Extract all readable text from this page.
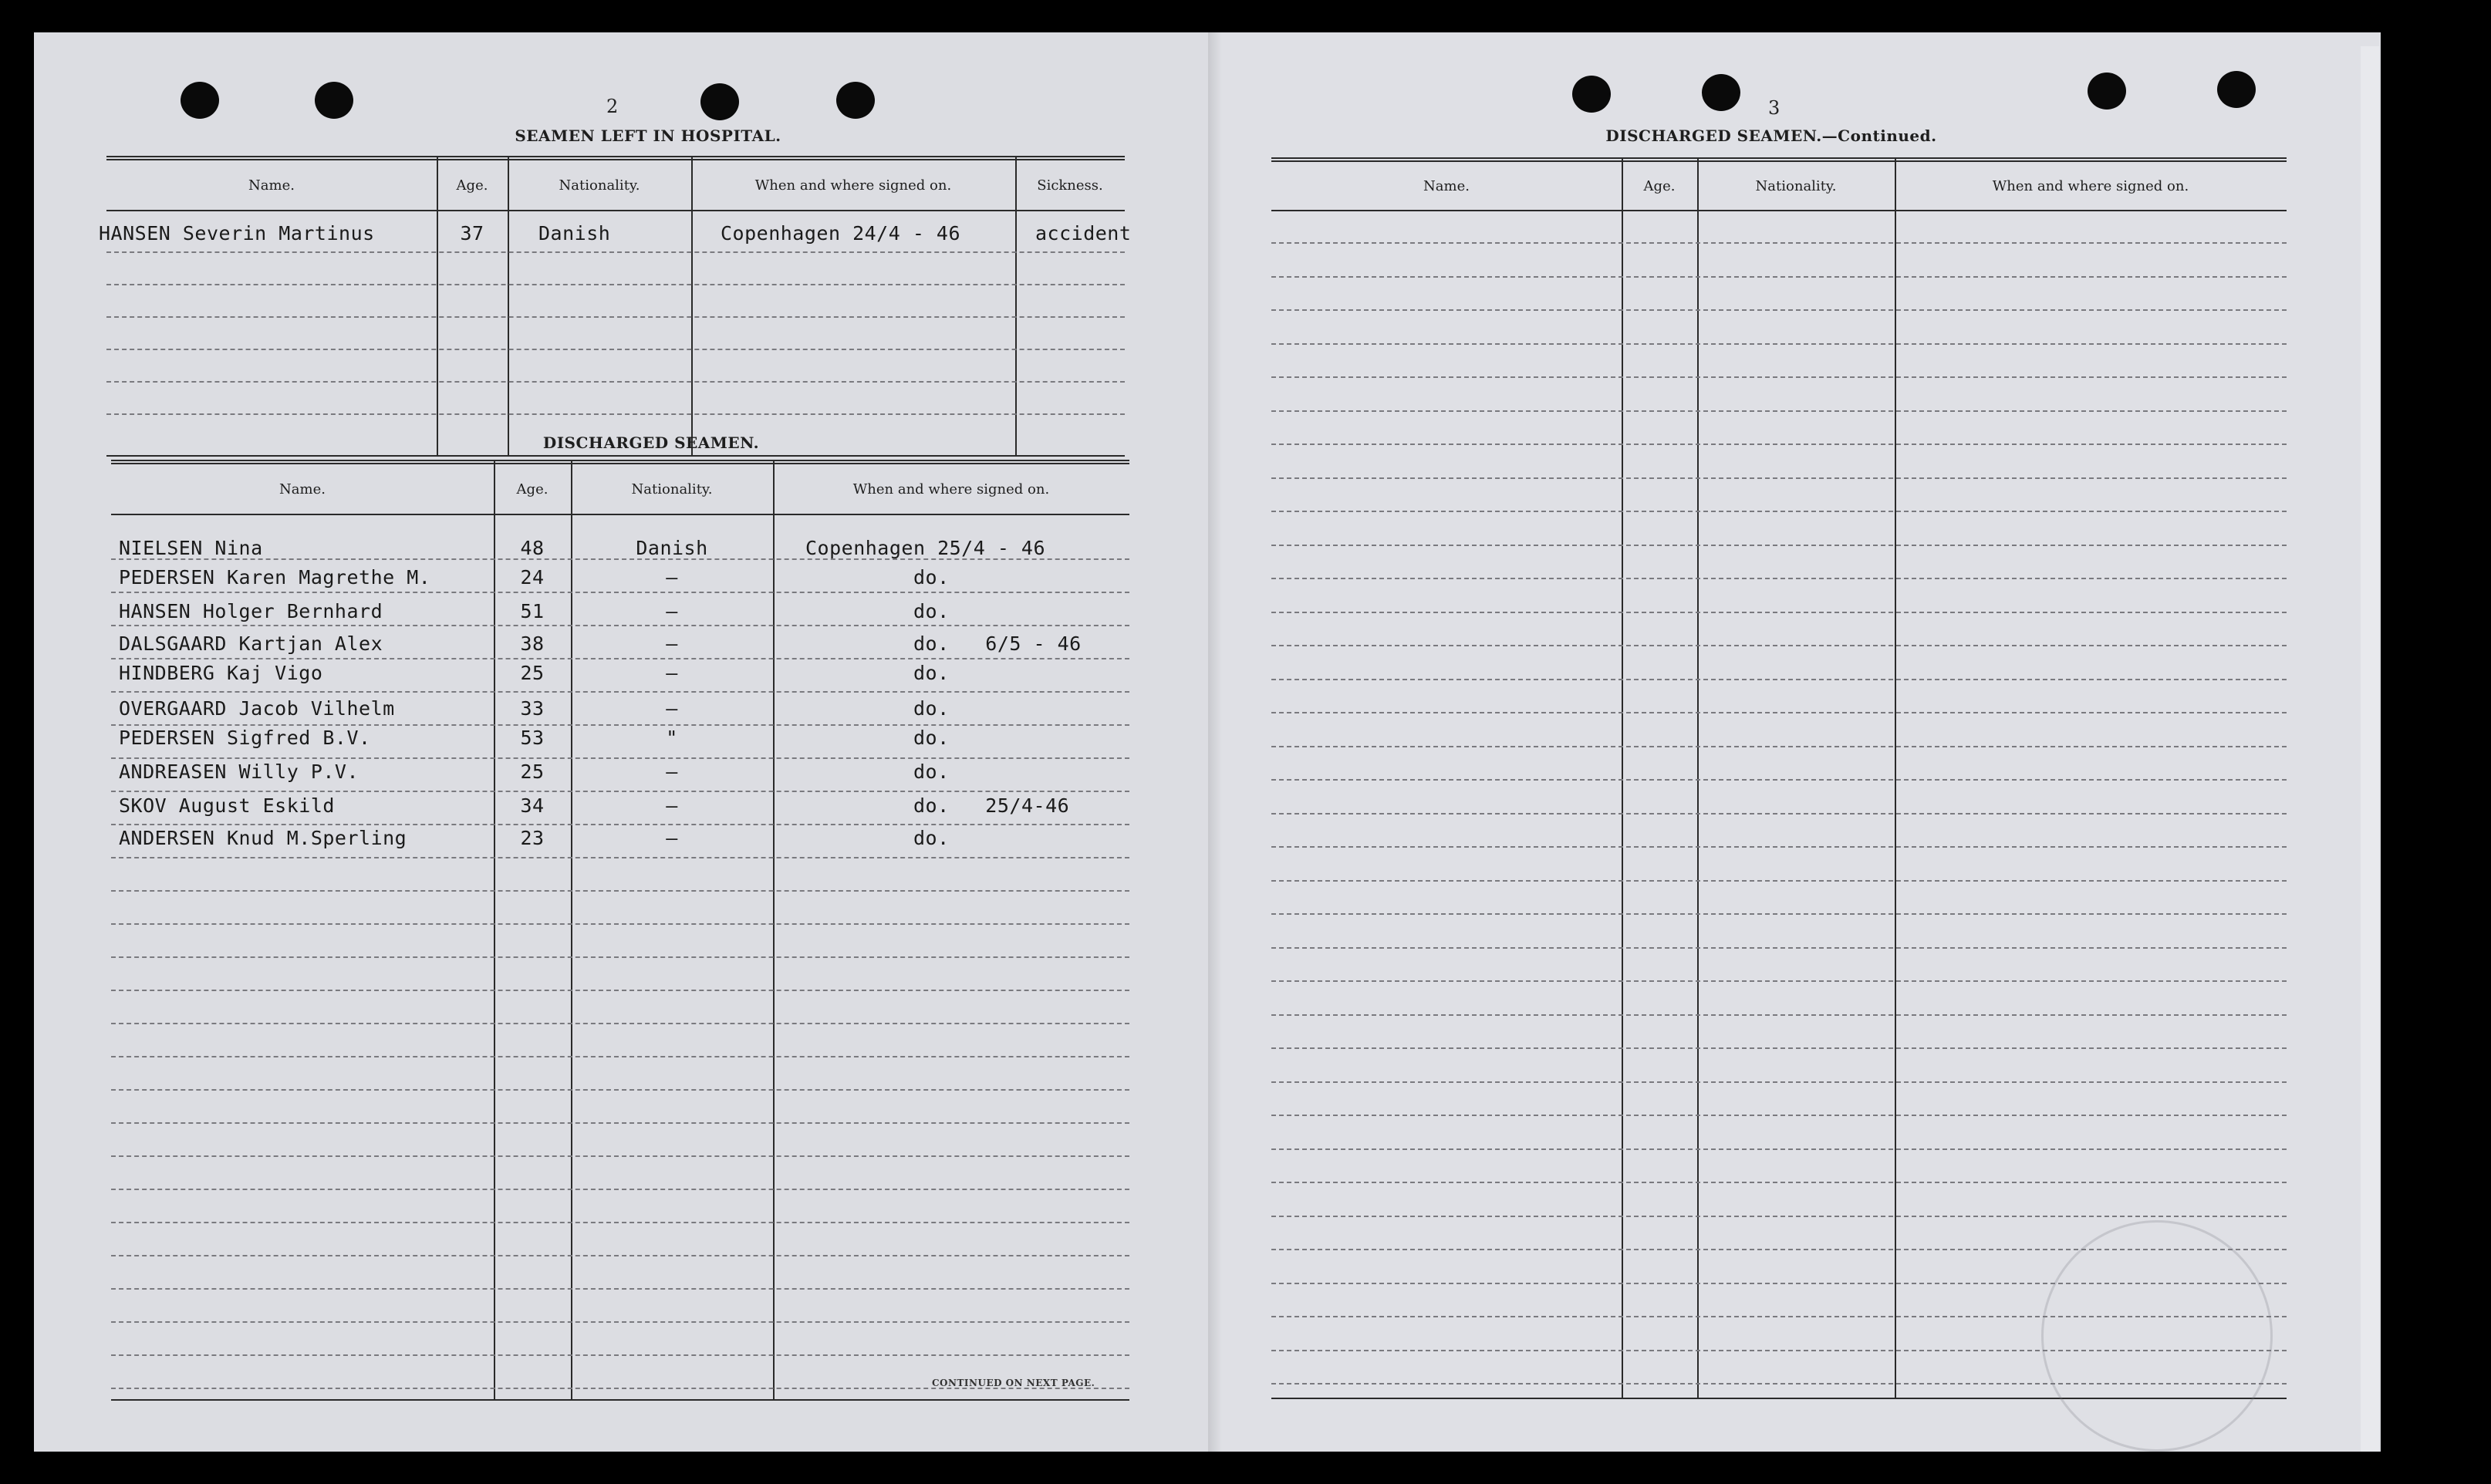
2
SEAMEN LEFT IN HOSPITAL.
Name.	Age.	Nationality.	When and where signed on.	Sickness.
HANSEN Severin Martinus	37	Danish	Copenhagen 24/4 - 46	accident
DISCHARGED SEAMEN.
Name.	Age.	Nationality.	When and where signed on.
NIELSEN Nina	48	Danish	Copenhagen 25/4 - 46
PEDERSEN Karen Magrethe M.	24	–	do.
HANSEN Holger Bernhard	51	–	do.
DALSGAARD Kartjan Alex	38	–	do.   6/5 - 46
HINDBERG Kaj Vigo	25	–	do.
OVERGAARD Jacob Vilhelm	33	–	do.
PEDERSEN Sigfred B.V.	53	"	do.
ANDREASEN Willy P.V.	25	–	do.
SKOV August Eskild	34	–	do.   25/4-46
ANDERSEN Knud M.Sperling	23	–	do.
CONTINUED ON NEXT PAGE.
3
DISCHARGED SEAMEN.—Continued.
Name.	Age.	Nationality.	When and where signed on.
